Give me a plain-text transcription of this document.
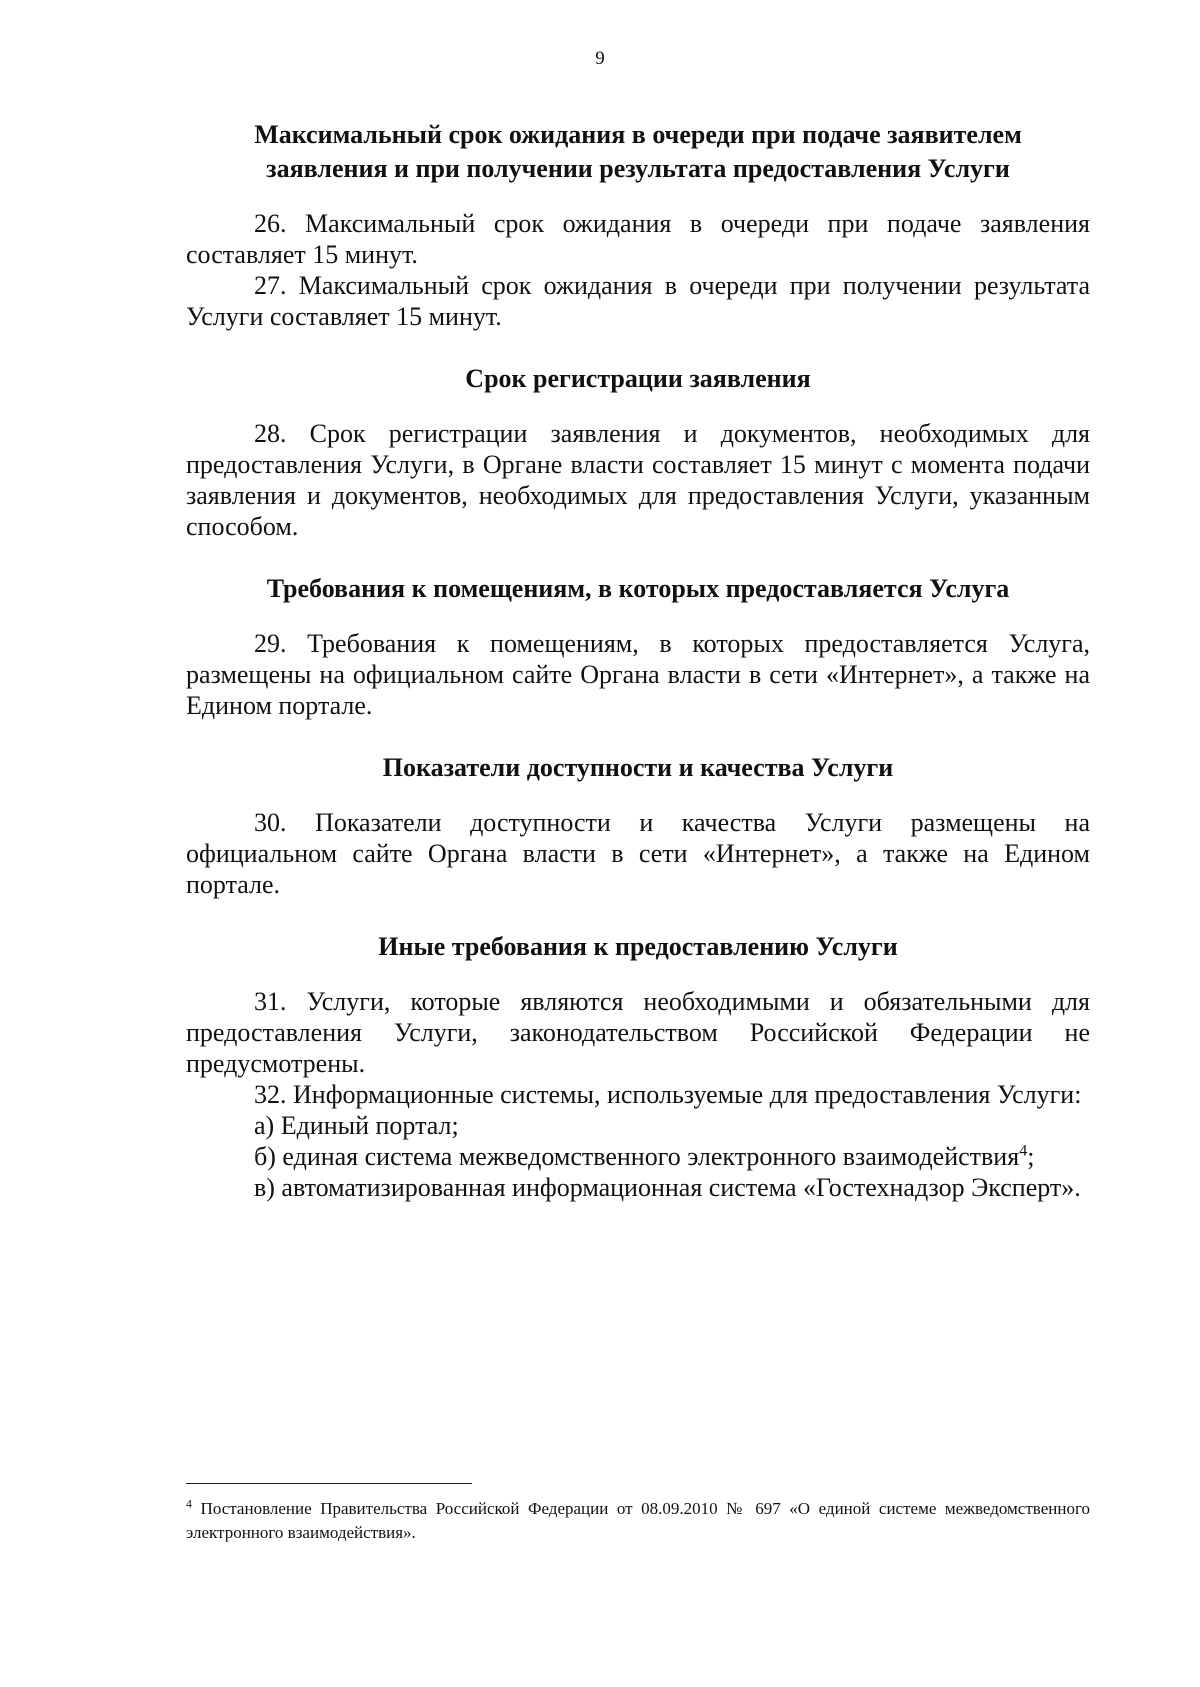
9

Максимальный срок ожидания в очереди при подаче заявителем заявления и при получении результата предоставления Услуги

26. Максимальный срок ожидания в очереди при подаче заявления составляет 15 минут.

27. Максимальный срок ожидания в очереди при получении результата Услуги составляет 15 минут.

Срок регистрации заявления

28. Срок регистрации заявления и документов, необходимых для предоставления Услуги, в Органе власти составляет 15 минут с момента подачи заявления и документов, необходимых для предоставления Услуги, указанным способом.

Требования к помещениям, в которых предоставляется Услуга

29. Требования к помещениям, в которых предоставляется Услуга, размещены на официальном сайте Органа власти в сети «Интернет», а также на Едином портале.

Показатели доступности и качества Услуги

30. Показатели доступности и качества Услуги размещены на официальном сайте Органа власти в сети «Интернет», а также на Едином портале.

Иные требования к предоставлению Услуги

31. Услуги, которые являются необходимыми и обязательными для предоставления Услуги, законодательством Российской Федерации не предусмотрены.

32. Информационные системы, используемые для предоставления Услуги:

а) Единый портал;

б) единая система межведомственного электронного взаимодействия$^4$;

в) автоматизированная информационная система «Гостехнадзор Эксперт».

$^4$ Постановление Правительства Российской Федерации от 08.09.2010 № 697 «О единой системе межведомственного электронного взаимодействия».
